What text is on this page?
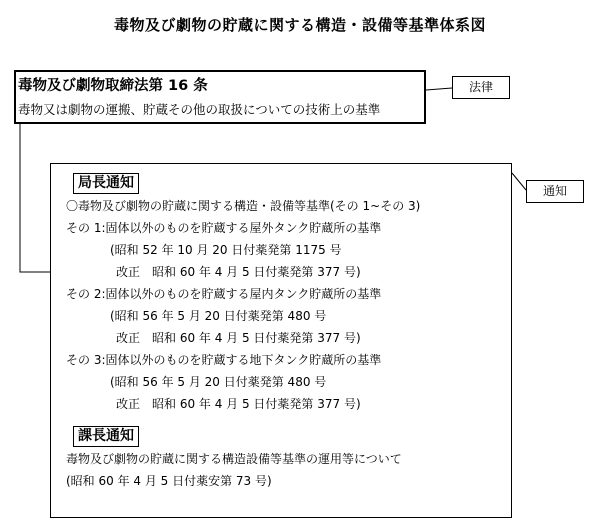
毒物及び劇物の貯蔵に関する構造・設備等基準体系図
毒物及び劇物取締法第 16 条
毒物又は劇物の運搬、貯蔵その他の取扱についての技術上の基準
法律
通知
局長通知
〇毒物及び劇物の貯蔵に関する構造・設備等基準(その 1~その 3)
その 1:固体以外のものを貯蔵する屋外タンク貯蔵所の基準
(昭和 52 年 10 月 20 日付薬発第 1175 号
改正　昭和 60 年 4 月 5 日付薬発第 377 号)
その 2:固体以外のものを貯蔵する屋内タンク貯蔵所の基準
(昭和 56 年 5 月 20 日付薬発第 480 号
改正　昭和 60 年 4 月 5 日付薬発第 377 号)
その 3:固体以外のものを貯蔵する地下タンク貯蔵所の基準
(昭和 56 年 5 月 20 日付薬発第 480 号
改正　昭和 60 年 4 月 5 日付薬発第 377 号)
課長通知
毒物及び劇物の貯蔵に関する構造設備等基準の運用等について
(昭和 60 年 4 月 5 日付薬安第 73 号)
